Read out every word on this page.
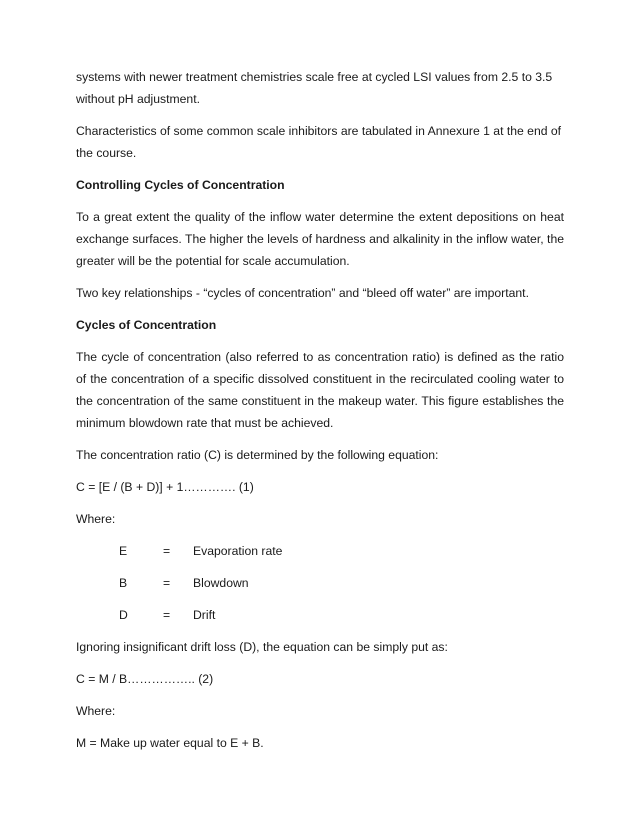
systems with newer treatment chemistries scale free at cycled LSI values from 2.5 to 3.5 without pH adjustment.

Characteristics of some common scale inhibitors are tabulated in Annexure 1 at the end of the course.

Controlling Cycles of Concentration

To a great extent the quality of the inflow water determine the extent depositions on heat exchange surfaces. The higher the levels of hardness and alkalinity in the inflow water, the greater will be the potential for scale accumulation.

Two key relationships - “cycles of concentration” and “bleed off water” are important.

Cycles of Concentration

The cycle of concentration (also referred to as concentration ratio) is defined as the ratio of the concentration of a specific dissolved constituent in the recirculated cooling water to the concentration of the same constituent in the makeup water. This figure establishes the minimum blowdown rate that must be achieved.

The concentration ratio (C) is determined by the following equation:

C = [E / (B + D)] + 1…………. (1)

Where:

E	=	Evaporation rate
B	=	Blowdown
D	=	Drift

Ignoring insignificant drift loss (D), the equation can be simply put as:

C = M / B…………….. (2)

Where:

M = Make up water equal to E + B.
